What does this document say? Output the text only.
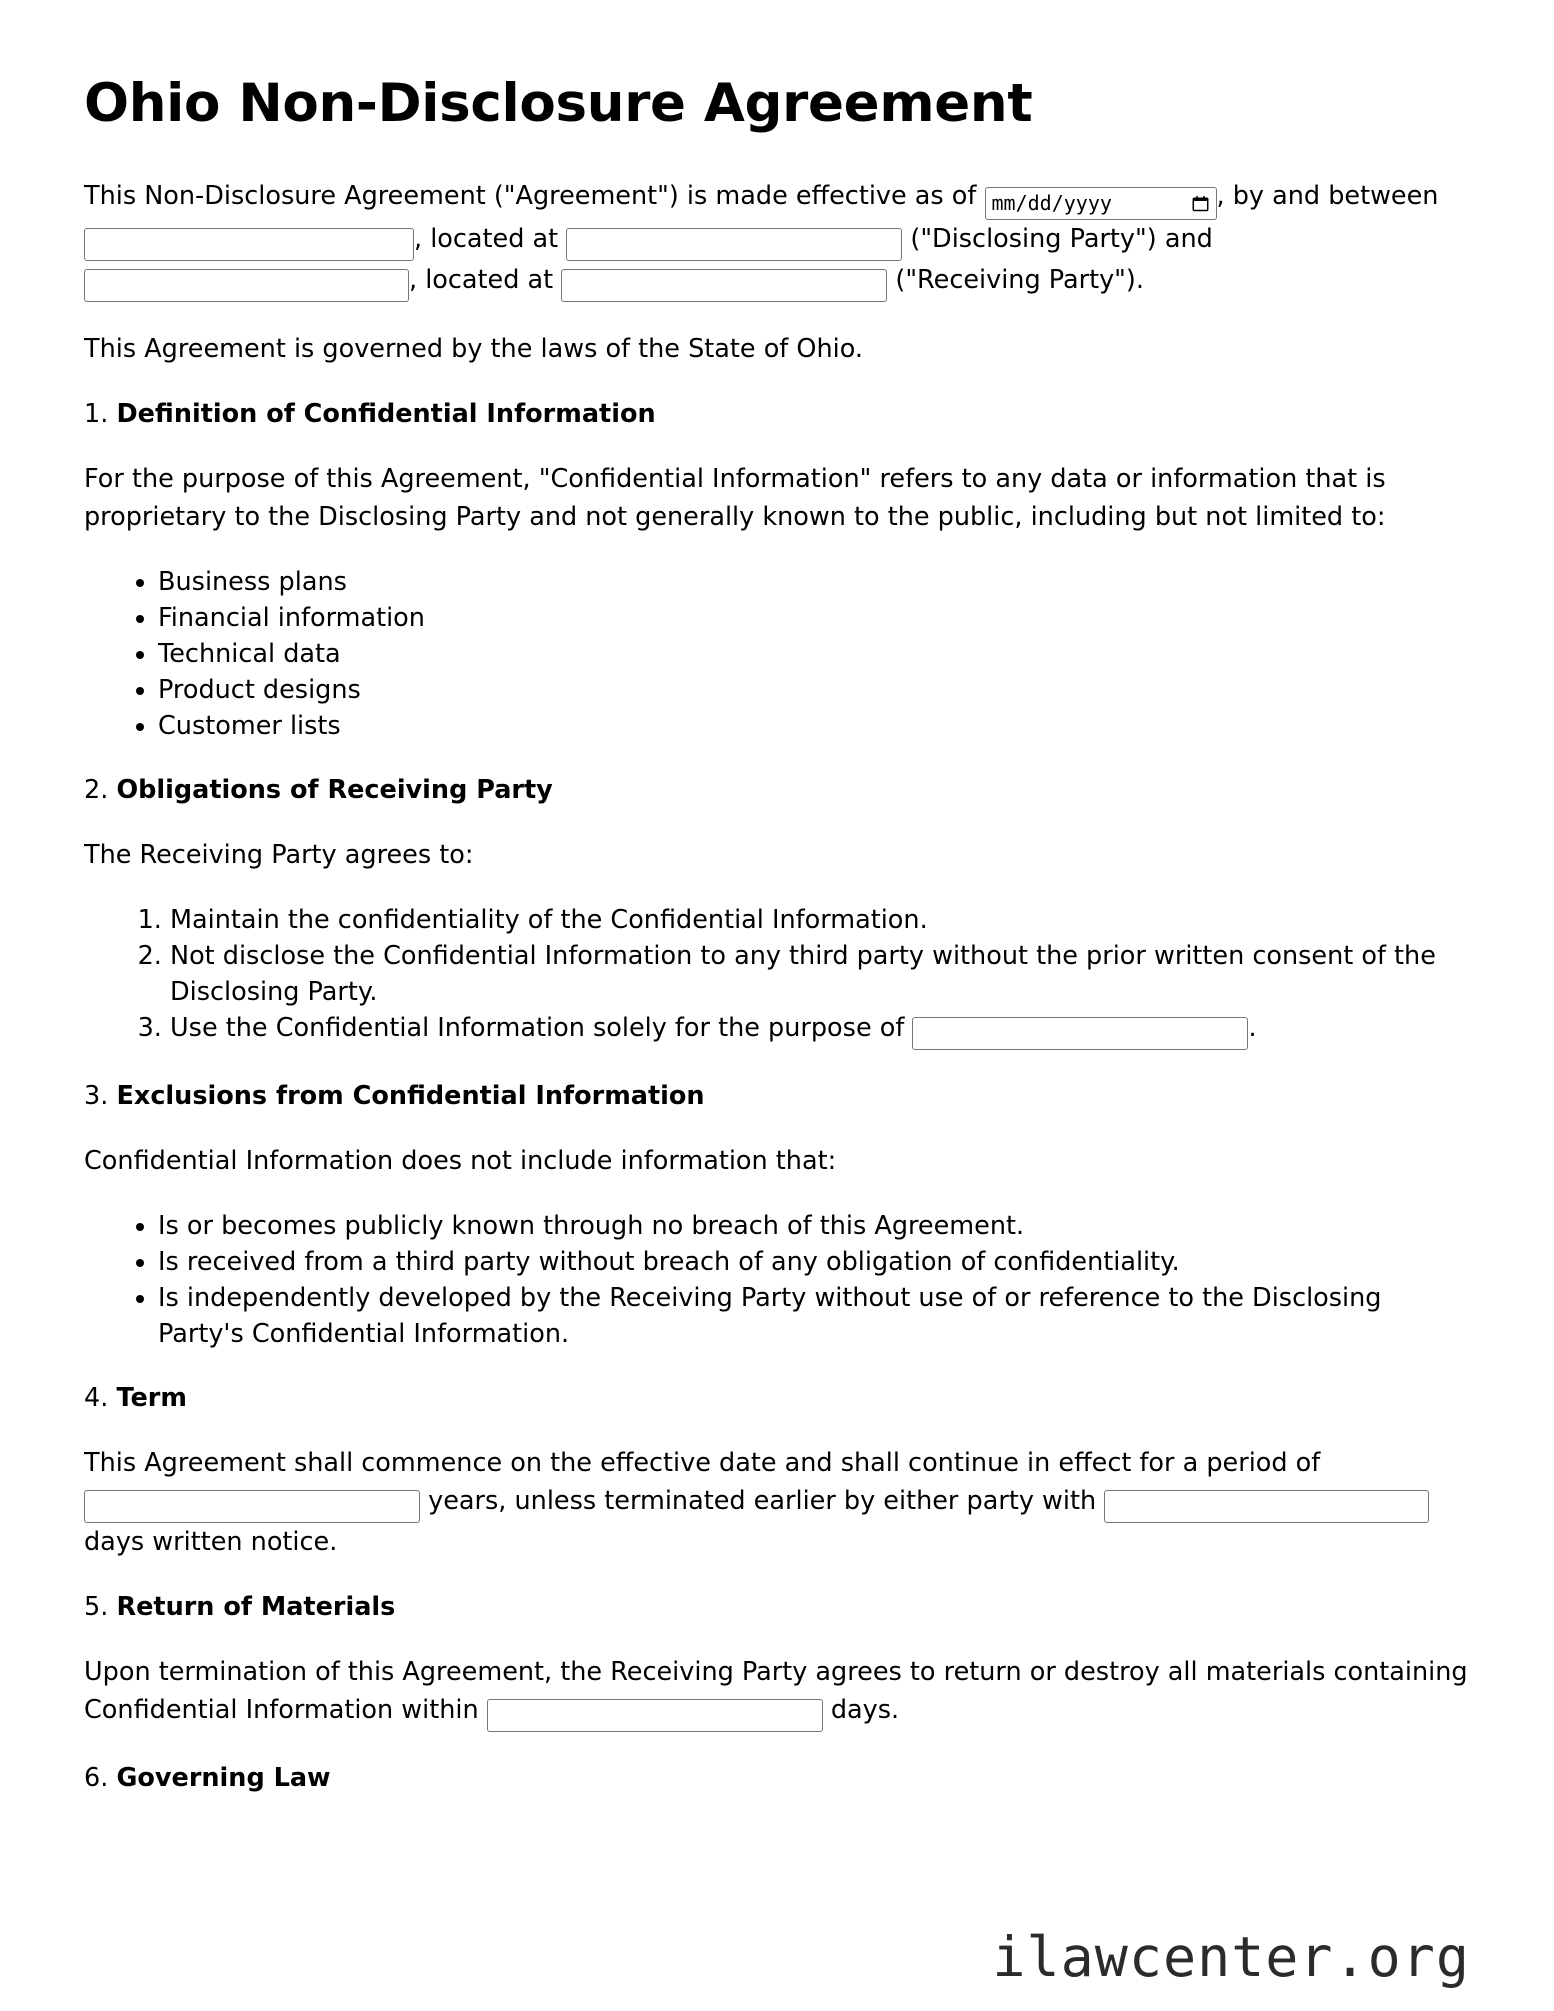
Ohio Non-Disclosure Agreement

This Non-Disclosure Agreement ("Agreement") is made effective as of mm/dd/yyyy	, by and between , located at	("Disclosing Party") and , located at	("Receiving Party").

This Agreement is governed by the laws of the State of Ohio.

1. Definition of Confidential Information

For the purpose of this Agreement, "Confidential Information" refers to any data or information that is proprietary to the Disclosing Party and not generally known to the public, including but not limited to:

• Business plans
• Financial information
• Technical data
• Product designs
• Customer lists

2. Obligations of Receiving Party

The Receiving Party agrees to:

1. Maintain the confidentiality of the Confidential Information.
2. Not disclose the Confidential Information to any third party without the prior written consent of the Disclosing Party.
3. Use the Confidential Information solely for the purpose of	.

3. Exclusions from Confidential Information

Confidential Information does not include information that:

• Is or becomes publicly known through no breach of this Agreement.
• Is received from a third party without breach of any obligation of confidentiality.
• Is independently developed by the Receiving Party without use of or reference to the Disclosing Party's Confidential Information.

4. Term

This Agreement shall commence on the effective date and shall continue in effect for a period of  years, unless terminated earlier by either party with  days written notice.

5. Return of Materials

Upon termination of this Agreement, the Receiving Party agrees to return or destroy all materials containing Confidential Information within	days.

6. Governing Law

ilawcenter.org
